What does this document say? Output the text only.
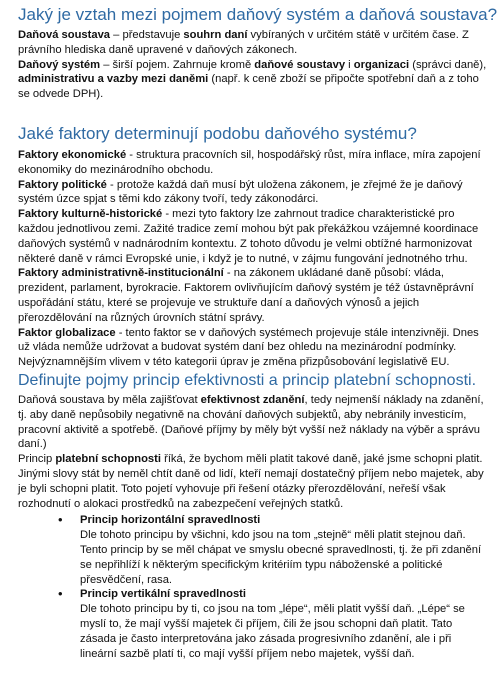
Jaký je vztah mezi pojmem daňový systém a daňová soustava?

Daňová soustava – představuje souhrn daní vybíraných v určitém státě v určitém čase. Z právního hlediska daně upravené v daňových zákonech.

Daňový systém – širší pojem. Zahrnuje kromě daňové soustavy i organizaci (správci daně), administrativu a vazby mezi daněmi (např. k ceně zboží se připočte spotřební daň a z toho se odvede DPH).

Jaké faktory determinují podobu daňového systému?

Faktory ekonomické - struktura pracovních sil, hospodářský růst, míra inflace, míra zapojení ekonomiky do mezinárodního obchodu.

Faktory politické - protože každá daň musí být uložena zákonem, je zřejmé že je daňový systém úzce spjat s těmi kdo zákony tvoří, tedy zákonodárci.

Faktory kulturně-historické - mezi tyto faktory lze zahrnout tradice charakteristické pro každou jednotlivou zemi. Zažité tradice zemí mohou být pak překážkou vzájemné koordinace daňových systémů v nadnárodním kontextu. Z tohoto důvodu je velmi obtížné harmonizovat některé daně v rámci Evropské unie, i když je to nutné, v zájmu fungování jednotného trhu.

Faktory administrativně-institucionální - na zákonem ukládané daně působí: vláda, prezident, parlament, byrokracie. Faktorem ovlivňujícím daňový systém je též ústavněprávní uspořádání státu, které se projevuje ve struktuře daní a daňových výnosů a jejich přerozdělování na různých úrovních státní správy.

Faktor globalizace - tento faktor se v daňových systémech projevuje stále intenzivněji. Dnes už vláda nemůže udržovat a budovat systém daní bez ohledu na mezinárodní podmínky. Nejvýznamnějším vlivem v této kategorii úprav je změna přizpůsobování legislativě EU.

Definujte pojmy princip efektivnosti a princip platební schopnosti.

Daňová soustava by měla zajišťovat efektivnost zdanění, tedy nejmenší náklady na zdanění, tj. aby daně nepůsobily negativně na chování daňových subjektů, aby nebránily investicím, pracovní aktivitě a spotřebě. (Daňové příjmy by měly být vyšší než náklady na výběr a správu daní.)

Princip platební schopnosti říká, že bychom měli platit takové daně, jaké jsme schopni platit. Jinými slovy stát by neměl chtít daně od lidí, kteří nemají dostatečný příjem nebo majetek, aby je byli schopni platit. Toto pojetí vyhovuje při řešení otázky přerozdělování, neřeší však rozhodnutí o alokaci prostředků na zabezpečení veřejných statků.

• Princip horizontální spravedlnosti
Dle tohoto principu by všichni, kdo jsou na tom „stejně“ měli platit stejnou daň. Tento princip by se měl chápat ve smyslu obecné spravedlnosti, tj. že při zdanění se nepřihlíží k některým specifickým kritériím typu náboženské a politické přesvědčení, rasa.
• Princip vertikální spravedlnosti
Dle tohoto principu by ti, co jsou na tom „lépe“, měli platit vyšší daň. „Lépe“ se myslí to, že mají vyšší majetek či příjem, čili že jsou schopni daň platit. Tato zásada je často interpretována jako zásada progresivního zdanění, ale i při lineární sazbě platí ti, co mají vyšší příjem nebo majetek, vyšší daň.
